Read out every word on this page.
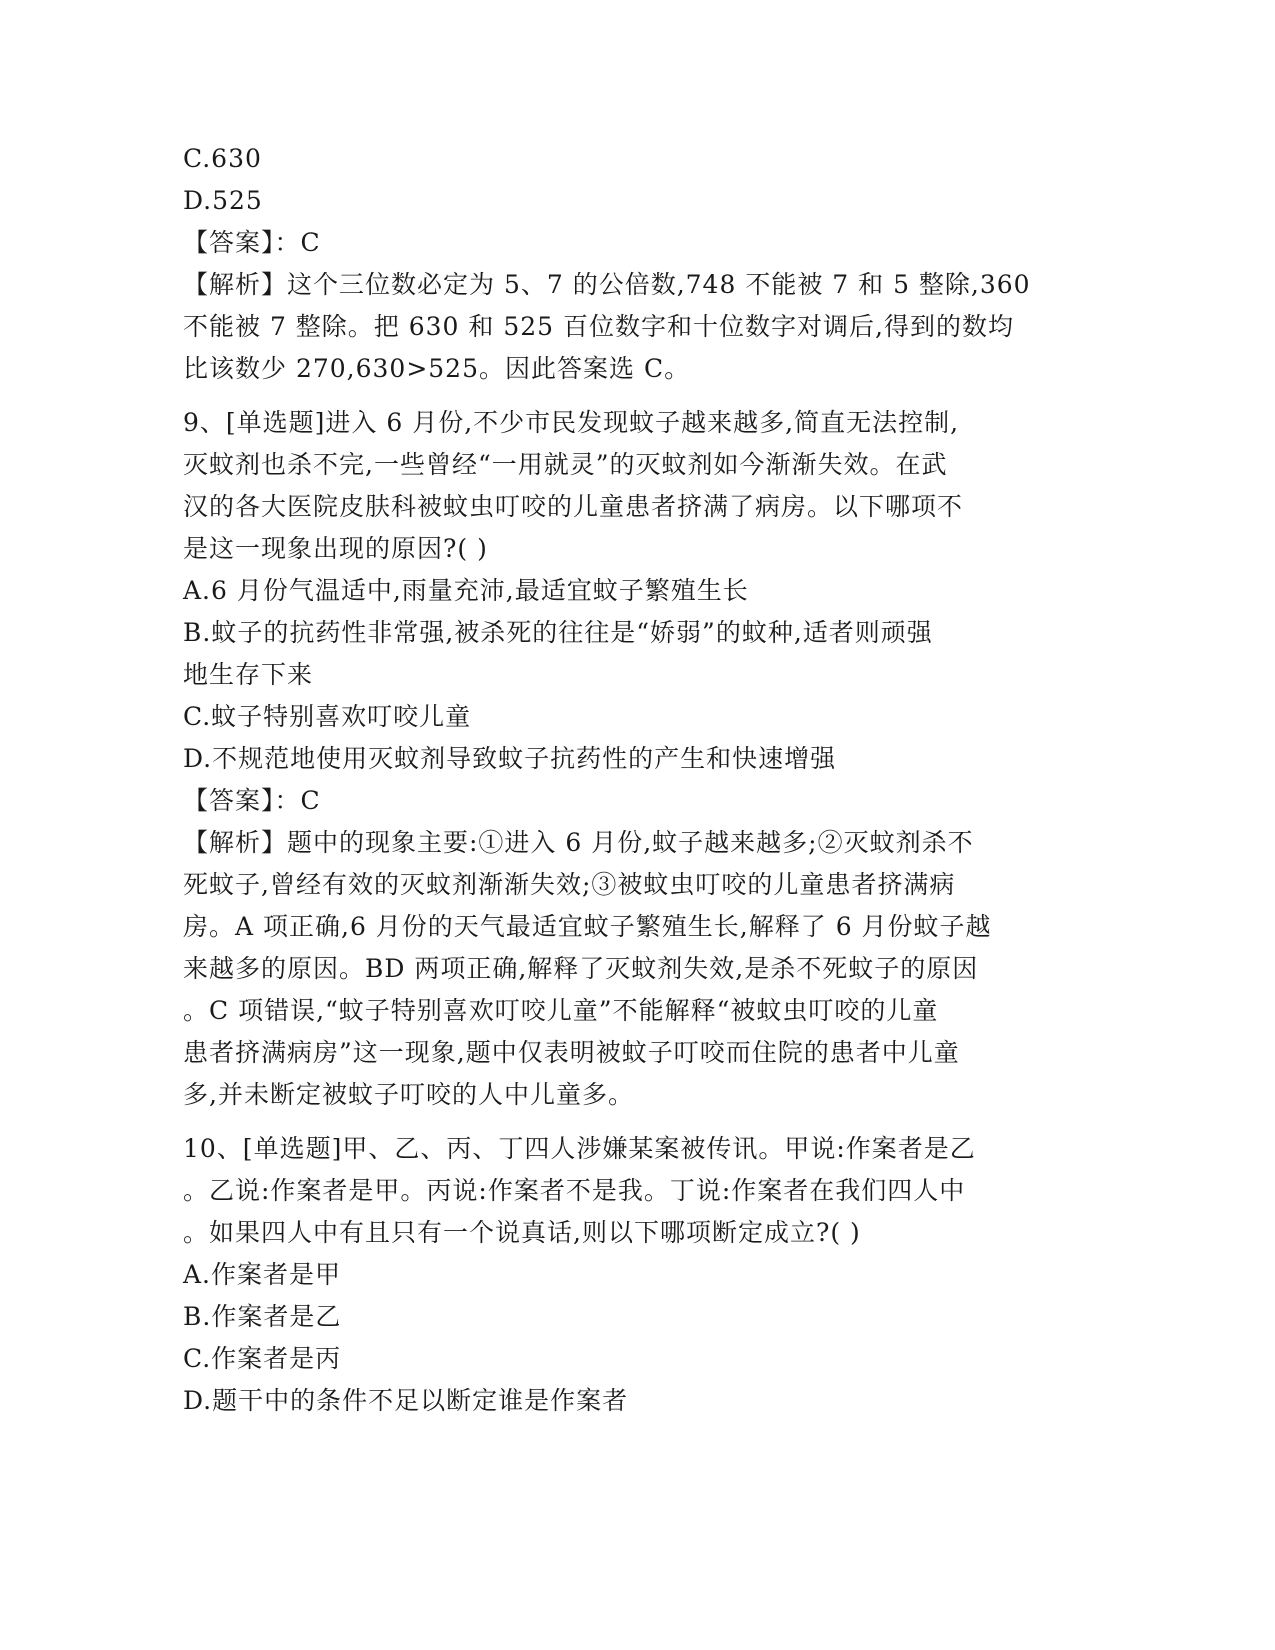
C.630
D.525
【答案】：C
【解析】这个三位数必定为 5、7 的公倍数,748 不能被 7 和 5 整除,360
不能被 7 整除。把 630 和 525 百位数字和十位数字对调后,得到的数均
比该数少 270,630>525。因此答案选 C。
9、[单选题]进入 6 月份,不少市民发现蚊子越来越多,简直无法控制,
灭蚊剂也杀不完,一些曾经“一用就灵”的灭蚊剂如今渐渐失效。在武
汉的各大医院皮肤科被蚊虫叮咬的儿童患者挤满了病房。以下哪项不
是这一现象出现的原因?( )
A.6 月份气温适中,雨量充沛,最适宜蚊子繁殖生长
B.蚊子的抗药性非常强,被杀死的往往是“娇弱”的蚊种,适者则顽强
地生存下来
C.蚊子特别喜欢叮咬儿童
D.不规范地使用灭蚊剂导致蚊子抗药性的产生和快速增强
【答案】：C
【解析】题中的现象主要:①进入 6 月份,蚊子越来越多;②灭蚊剂杀不
死蚊子,曾经有效的灭蚊剂渐渐失效;③被蚊虫叮咬的儿童患者挤满病
房。A 项正确,6 月份的天气最适宜蚊子繁殖生长,解释了 6 月份蚊子越
来越多的原因。BD 两项正确,解释了灭蚊剂失效,是杀不死蚊子的原因
。C 项错误,“蚊子特别喜欢叮咬儿童”不能解释“被蚊虫叮咬的儿童
患者挤满病房”这一现象,题中仅表明被蚊子叮咬而住院的患者中儿童
多,并未断定被蚊子叮咬的人中儿童多。
10、[单选题]甲、乙、丙、丁四人涉嫌某案被传讯。甲说:作案者是乙
。乙说:作案者是甲。丙说:作案者不是我。丁说:作案者在我们四人中
。如果四人中有且只有一个说真话,则以下哪项断定成立?( )
A.作案者是甲
B.作案者是乙
C.作案者是丙
D.题干中的条件不足以断定谁是作案者
